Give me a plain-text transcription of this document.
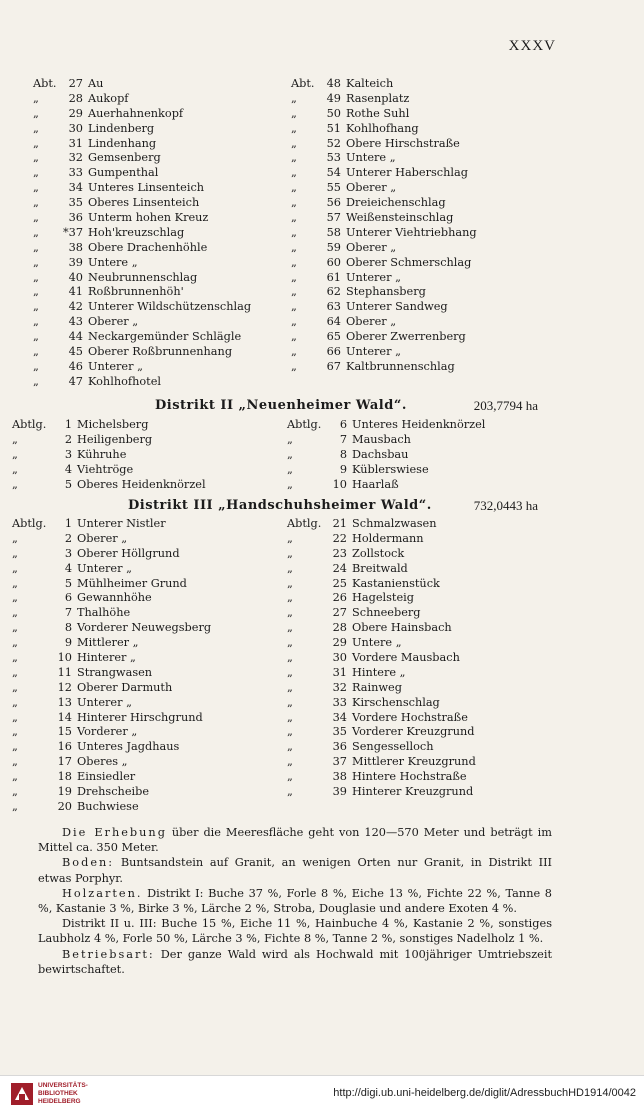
XXXV
Abt. 27 Au
„	28 Aukopf
„	29 Auerhahnenkopf
„	30 Lindenberg
„	31 Lindenhang
„	32 Gemsenberg
„	33 Gumpenthal
„	34 Unteres Linsenteich
„	35 Oberes Linsenteich
„	36 Unterm hohen Kreuz
„ *37 Hoh'kreuzschlag
„	38 Obere Drachenhöhle
„	39 Untere „
„	40 Neubrunnenschlag
„	41 Roßbrunnenhöh'
„	42 Unterer Wildschützenschlag
„	43 Oberer „
„	44 Neckargemünder Schlägle
„	45 Oberer Roßbrunnenhang
„	46 Unterer „
„	47 Kohlhofhotel
Abt. 48 Kalteich
„	49 Rasenplatz
„	50 Rothe Suhl
„	51 Kohlhofhang
„	52 Obere Hirschstraße
„	53 Untere „
„	54 Unterer Haberschlag
„	55 Oberer „
„	56 Dreieichenschlag
„	57 Weißensteinschlag
„	58 Unterer Viehtriebhang
„	59 Oberer „
„	60 Oberer Schmerschlag
„	61 Unterer „
„	62 Stephansberg
„	63 Unterer Sandweg
„	64 Oberer „
„	65 Oberer Zwerrenberg
„	66 Unterer „
„	67 Kaltbrunnenschlag
Distrikt II „Neuenheimer Wald“.	203,7794 ha
Abtlg. 1 Michelsberg
„	2 Heiligenberg
„	3 Kühruhe
„	4 Viehtröge
„	5 Oberes Heidenknörzel
Abtlg. 6 Unteres Heidenknörzel
„	7 Mausbach
„	8 Dachsbau
„	9 Küblerswiese
„	10 Haarlaß
Distrikt III „Handschuhsheimer Wald“.	732,0443 ha
Abtlg. 1 Unterer Nistler
„	2 Oberer „
„	3 Oberer Höllgrund
„	4 Unterer „
„	5 Mühlheimer Grund
„	6 Gewannhöhe
„	7 Thalhöhe
„	8 Vorderer Neuwegsberg
„	9 Mittlerer „
„	10 Hinterer „
„	11 Strangwasen
„	12 Oberer Darmuth
„	13 Unterer „
„	14 Hinterer Hirschgrund
„	15 Vorderer „
„	16 Unteres Jagdhaus
„	17 Oberes „
„	18 Einsiedler
„	19 Drehscheibe
„	20 Buchwiese
Abtlg. 21 Schmalzwasen
„	22 Holdermann
„	23 Zollstock
„	24 Breitwald
„	25 Kastanienstück
„	26 Hagelsteig
„	27 Schneeberg
„	28 Obere Hainsbach
„	29 Untere „
„	30 Vordere Mausbach
„	31 Hintere „
„	32 Rainweg
„	33 Kirschenschlag
„	34 Vordere Hochstraße
„	35 Vorderer Kreuzgrund
„	36 Sengesselloch
„	37 Mittlerer Kreuzgrund
„	38 Hintere Hochstraße
„	39 Hinterer Kreuzgrund

Die Erhebung über die Meeresfläche geht von 120—570 Meter und beträgt im Mittel ca. 350 Meter.

Boden: Buntsandstein auf Granit, an wenigen Orten nur Granit, in Distrikt III etwas Porphyr.

Holzarten. Distrikt I: Buche 37 %, Forle 8 %, Eiche 13 %, Fichte 22 %, Tanne 8 %, Kastanie 3 %, Birke 3 %, Lärche 2 %, Stroba, Douglasie und andere Exoten 4 %.

Distrikt II u. III: Buche 15 %, Eiche 11 %, Hainbuche 4 %, Kastanie 2 %, sonstiges Laubholz 4 %, Forle 50 %, Lärche 3 %, Fichte 8 %, Tanne 2 %, sonstiges Nadelholz 1 %.

Betriebsart: Der ganze Wald wird als Hochwald mit 100jähriger Umtriebszeit bewirtschaftet.

UNIVERSITÄTS-
BIBLIOTHEK
HEIDELBERG
http://digi.ub.uni-heidelberg.de/diglit/AdressbuchHD1914/0042
